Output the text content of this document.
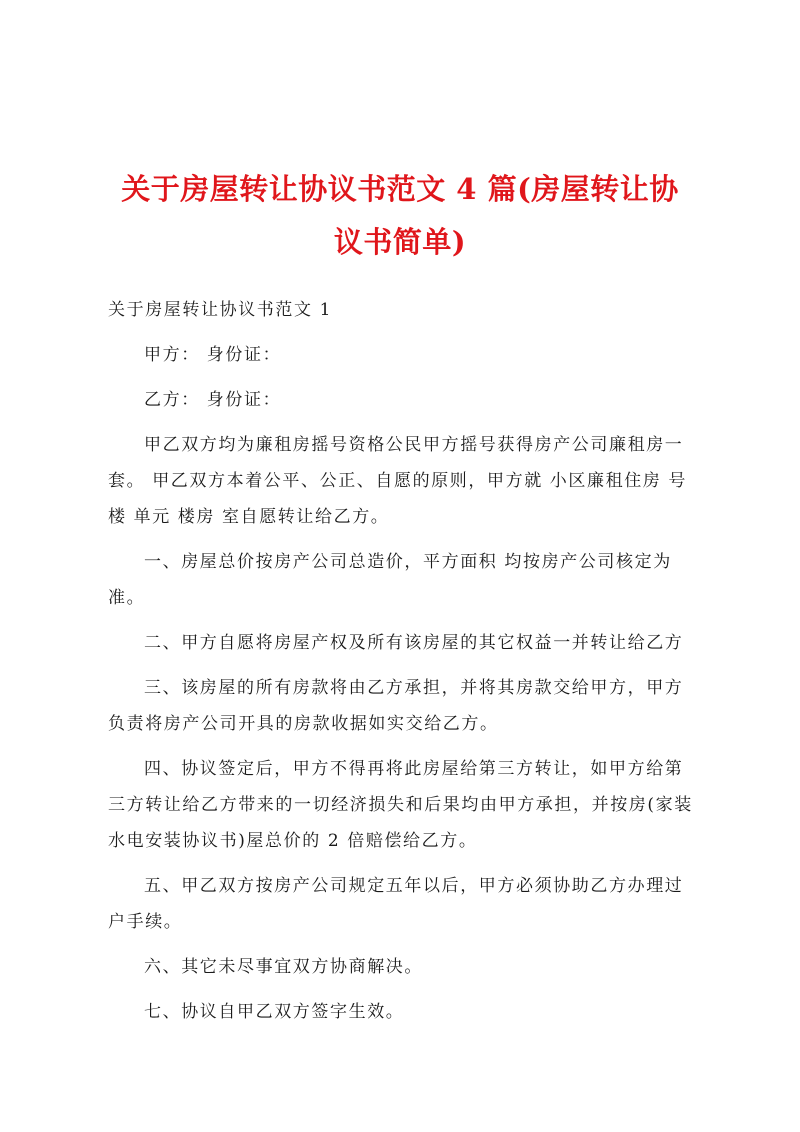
关于房屋转让协议书范文 4 篇(房屋转让协议书简单)

关于房屋转让协议书范文 1

甲方： 身份证：

乙方： 身份证：

甲乙双方均为廉租房摇号资格公民甲方摇号获得房产公司廉租房一套。 甲乙双方本着公平、公正、自愿的原则，甲方就 小区廉租住房 号楼 单元 楼房 室自愿转让给乙方。

一、房屋总价按房产公司总造价，平方面积 均按房产公司核定为准。

二、甲方自愿将房屋产权及所有该房屋的其它权益一并转让给乙方

三、该房屋的所有房款将由乙方承担，并将其房款交给甲方，甲方负责将房产公司开具的房款收据如实交给乙方。

四、协议签定后，甲方不得再将此房屋给第三方转让，如甲方给第三方转让给乙方带来的一切经济损失和后果均由甲方承担，并按房(家装水电安装协议书)屋总价的 2 倍赔偿给乙方。

五、甲乙双方按房产公司规定五年以后，甲方必须协助乙方办理过户手续。

六、其它未尽事宜双方协商解决。

七、协议自甲乙双方签字生效。
